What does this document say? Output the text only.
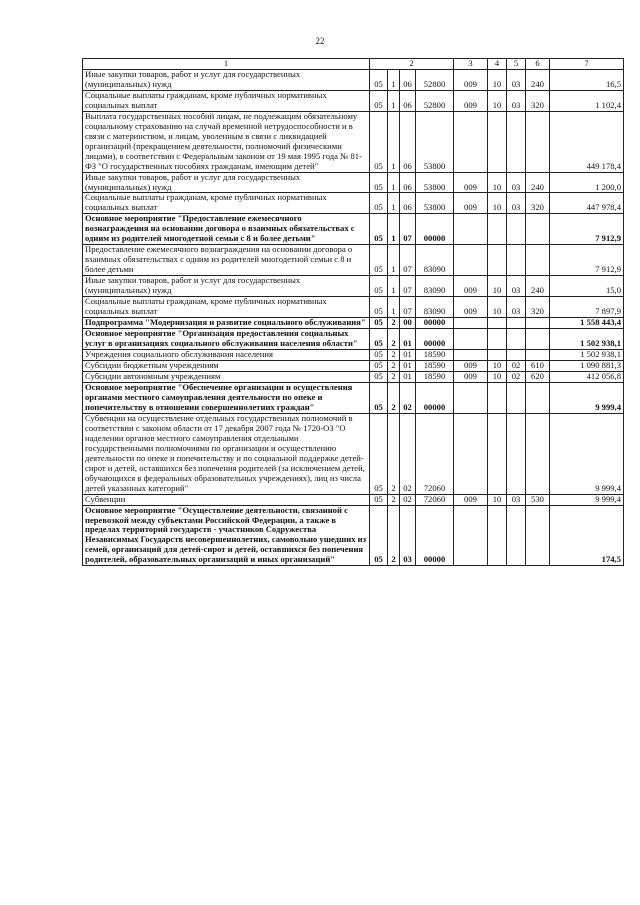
22
1	2				3	4	5	6	7
Иные закупки товаров, работ и услуг для государственных (муниципальных) нужд	05	1	06	52800	009	10	03	240	16,5
Социальные выплаты гражданам, кроме публичных нормативных социальных выплат	05	1	06	52800	009	10	03	320	1 102,4
Выплата государственных пособий лицам, не подлежащим обязательному социальному страхованию на случай временной нетрудоспособности и в связи с материнством, и лицам, уволенным в связи с ликвидацией организаций (прекращением деятельности, полномочий физическими лицами), в соответствии с Федеральным законом от 19 мая 1995 года № 81-ФЗ "О государственных пособиях гражданам, имеющим детей"	05	1	06	53800					449 178,4
Иные закупки товаров, работ и услуг для государственных (муниципальных) нужд	05	1	06	53800	009	10	03	240	1 200,0
Социальные выплаты гражданам, кроме публичных нормативных социальных выплат	05	1	06	53800	009	10	03	320	447 978,4
Основное мероприятие "Предоставление ежемесячного вознаграждения на основании договора о взаимных обязательствах с одним из родителей многодетной семьи с 8 и более детьми"	05	1	07	00000					7 912,9
Предоставление ежемесячного вознаграждения на основании договора о взаимных обязательствах с одним из родителей многодетной семьи с 8 и более детьми	05	1	07	83090					7 912,9
Иные закупки товаров, работ и услуг для государственных (муниципальных) нужд	05	1	07	83090	009	10	03	240	15,0
Социальные выплаты гражданам, кроме публичных нормативных социальных выплат	05	1	07	83090	009	10	03	320	7 897,9
Подпрограмма "Модернизация и развитие социального обслуживания"	05	2	00	00000					1 558 443,4
Основное мероприятие "Организация предоставления социальных услуг в организациях социального обслуживания населения области"	05	2	01	00000					1 502 938,1
Учреждения социального обслуживания населения	05	2	01	18590					1 502 938,1
Субсидии бюджетным учреждениям	05	2	01	18590	009	10	02	610	1 090 881,3
Субсидии автономным учреждениям	05	2	01	18590	009	10	02	620	412 056,8
Основное мероприятие "Обеспечение организации и осуществления органами местного самоуправления деятельности по опеке и попечительству в отношении совершеннолетних граждан"	05	2	02	00000					9 999,4
Субвенции на осуществление отдельных государственных полномочий в соответствии с законом области от 17 декабря 2007 года № 1720-ОЗ "О наделении органов местного самоуправления отдельными государственными полномочиями по организации и осуществлению деятельности по опеке и попечительству и по социальной поддержке детей-сирот и детей, оставшихся без попечения родителей (за исключением детей, обучающихся в федеральных образовательных учреждениях), лиц из числа детей указанных категорий"	05	2	02	72060					9 999,4
Субвенции	05	2	02	72060	009	10	03	530	9 999,4
Основное мероприятие "Осуществление деятельности, связанной с перевозкой между субъектами Российской Федерации, а также в пределах территорий государств - участников Содружества Независимых Государств несовершеннолетних, самовольно ушедших из семей, организаций для детей-сирот и детей, оставшихся без попечения родителей, образовательных организаций и иных организаций"	05	2	03	00000					174,5
